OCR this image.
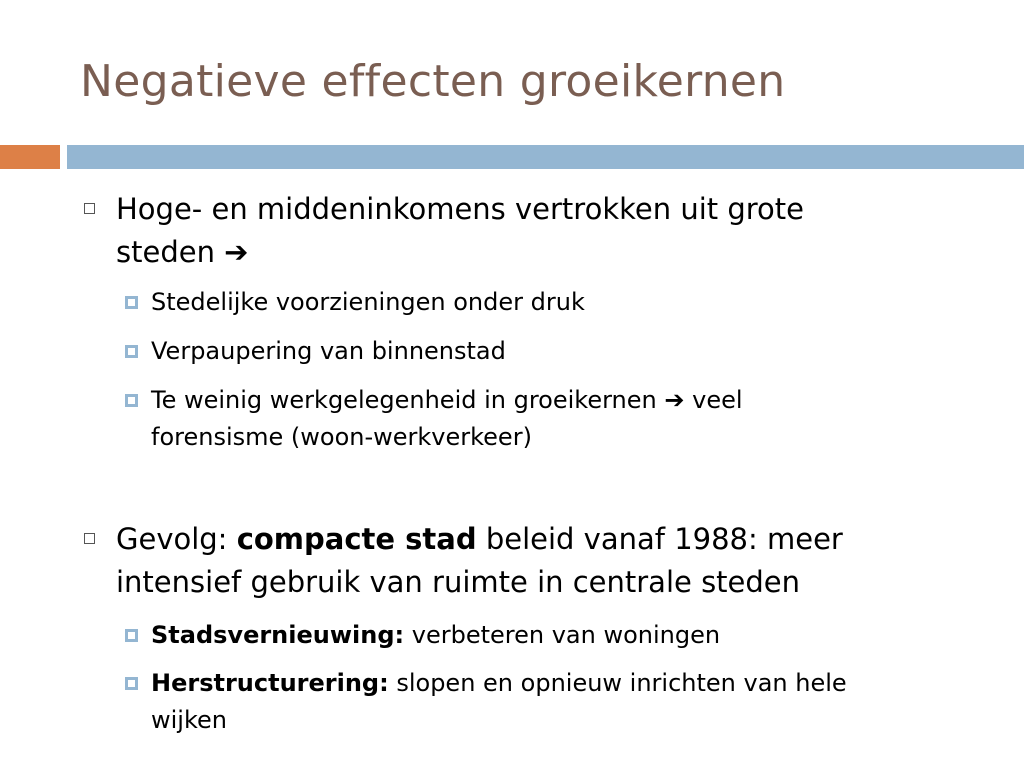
Negatieve effecten groeikernen
Hoge- en middeninkomens vertrokken uit grote
steden ➔
Stedelijke voorzieningen onder druk
Verpaupering van binnenstad
Te weinig werkgelegenheid in groeikernen ➔ veel
forensisme (woon-werkverkeer)
Gevolg: compacte stad beleid vanaf 1988: meer
intensief gebruik van ruimte in centrale steden
Stadsvernieuwing: verbeteren van woningen
Herstructurering: slopen en opnieuw inrichten van hele
wijken
